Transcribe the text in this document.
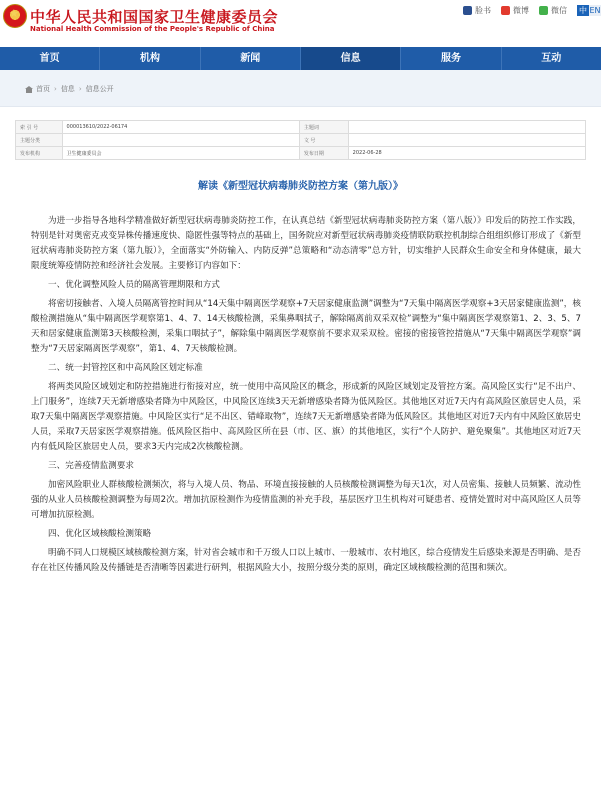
★
中华人民共和国国家卫生健康委员会
National Health Commission of the People's Republic of China
脸书	微博	微信 中 EN
首页	机构	新闻	信息	服务	互动
首页 › 信息 › 信息公开
索 引 号	000013610/2022-06174	主题词	
主题分类		文 号	
发布机构	卫生健康委员会	发布日期	2022-06-28
解读《新型冠状病毒肺炎防控方案（第九版）》

为进一步指导各地科学精准做好新型冠状病毒肺炎防控工作，在认真总结《新型冠状病毒肺炎防控方案（第八版）》印发后的防控工作实践，特别是针对奥密克戎变异株传播速度快、隐匿性强等特点的基础上，国务院应对新型冠状病毒肺炎疫情联防联控机制综合组组织修订形成了《新型冠状病毒肺炎防控方案（第九版）》，全面落实“外防输入、内防反弹”总策略和“动态清零”总方针，切实维护人民群众生命安全和身体健康，最大限度统筹疫情防控和经济社会发展。主要修订内容如下：

一、优化调整风险人员的隔离管理期限和方式

将密切接触者、入境人员隔离管控时间从“14天集中隔离医学观察+7天居家健康监测”调整为“7天集中隔离医学观察+3天居家健康监测”，核酸检测措施从“集中隔离医学观察第1、4、7、14天核酸检测，采集鼻咽拭子，解除隔离前双采双检”调整为“集中隔离医学观察第1、2、3、5、7天和居家健康监测第3天核酸检测，采集口咽拭子”，解除集中隔离医学观察前不要求双采双检。密接的密接管控措施从“7天集中隔离医学观察”调整为“7天居家隔离医学观察”，第1、4、7天核酸检测。

二、统一封管控区和中高风险区划定标准

将两类风险区域划定和防控措施进行衔接对应，统一使用中高风险区的概念，形成新的风险区域划定及管控方案。高风险区实行“足不出户、上门服务”，连续7天无新增感染者降为中风险区，中风险区连续3天无新增感染者降为低风险区。其他地区对近7天内有高风险区旅居史人员，采取7天集中隔离医学观察措施。中风险区实行“足不出区、错峰取物”，连续7天无新增感染者降为低风险区。其他地区对近7天内有中风险区旅居史人员，采取7天居家医学观察措施。低风险区指中、高风险区所在县（市、区、旗）的其他地区，实行“个人防护、避免聚集”。其他地区对近7天内有低风险区旅居史人员，要求3天内完成2次核酸检测。

三、完善疫情监测要求

加密风险职业人群核酸检测频次，将与入境人员、物品、环境直接接触的人员核酸检测调整为每天1次，对人员密集、接触人员频繁、流动性强的从业人员核酸检测调整为每周2次。增加抗原检测作为疫情监测的补充手段，基层医疗卫生机构对可疑患者、疫情处置时对中高风险区人员等可增加抗原检测。

四、优化区域核酸检测策略

明确不同人口规模区域核酸检测方案，针对省会城市和千万级人口以上城市、一般城市、农村地区，综合疫情发生后感染来源是否明确、是否存在社区传播风险及传播链是否清晰等因素进行研判，根据风险大小，按照分级分类的原则，确定区域核酸检测的范围和频次。
